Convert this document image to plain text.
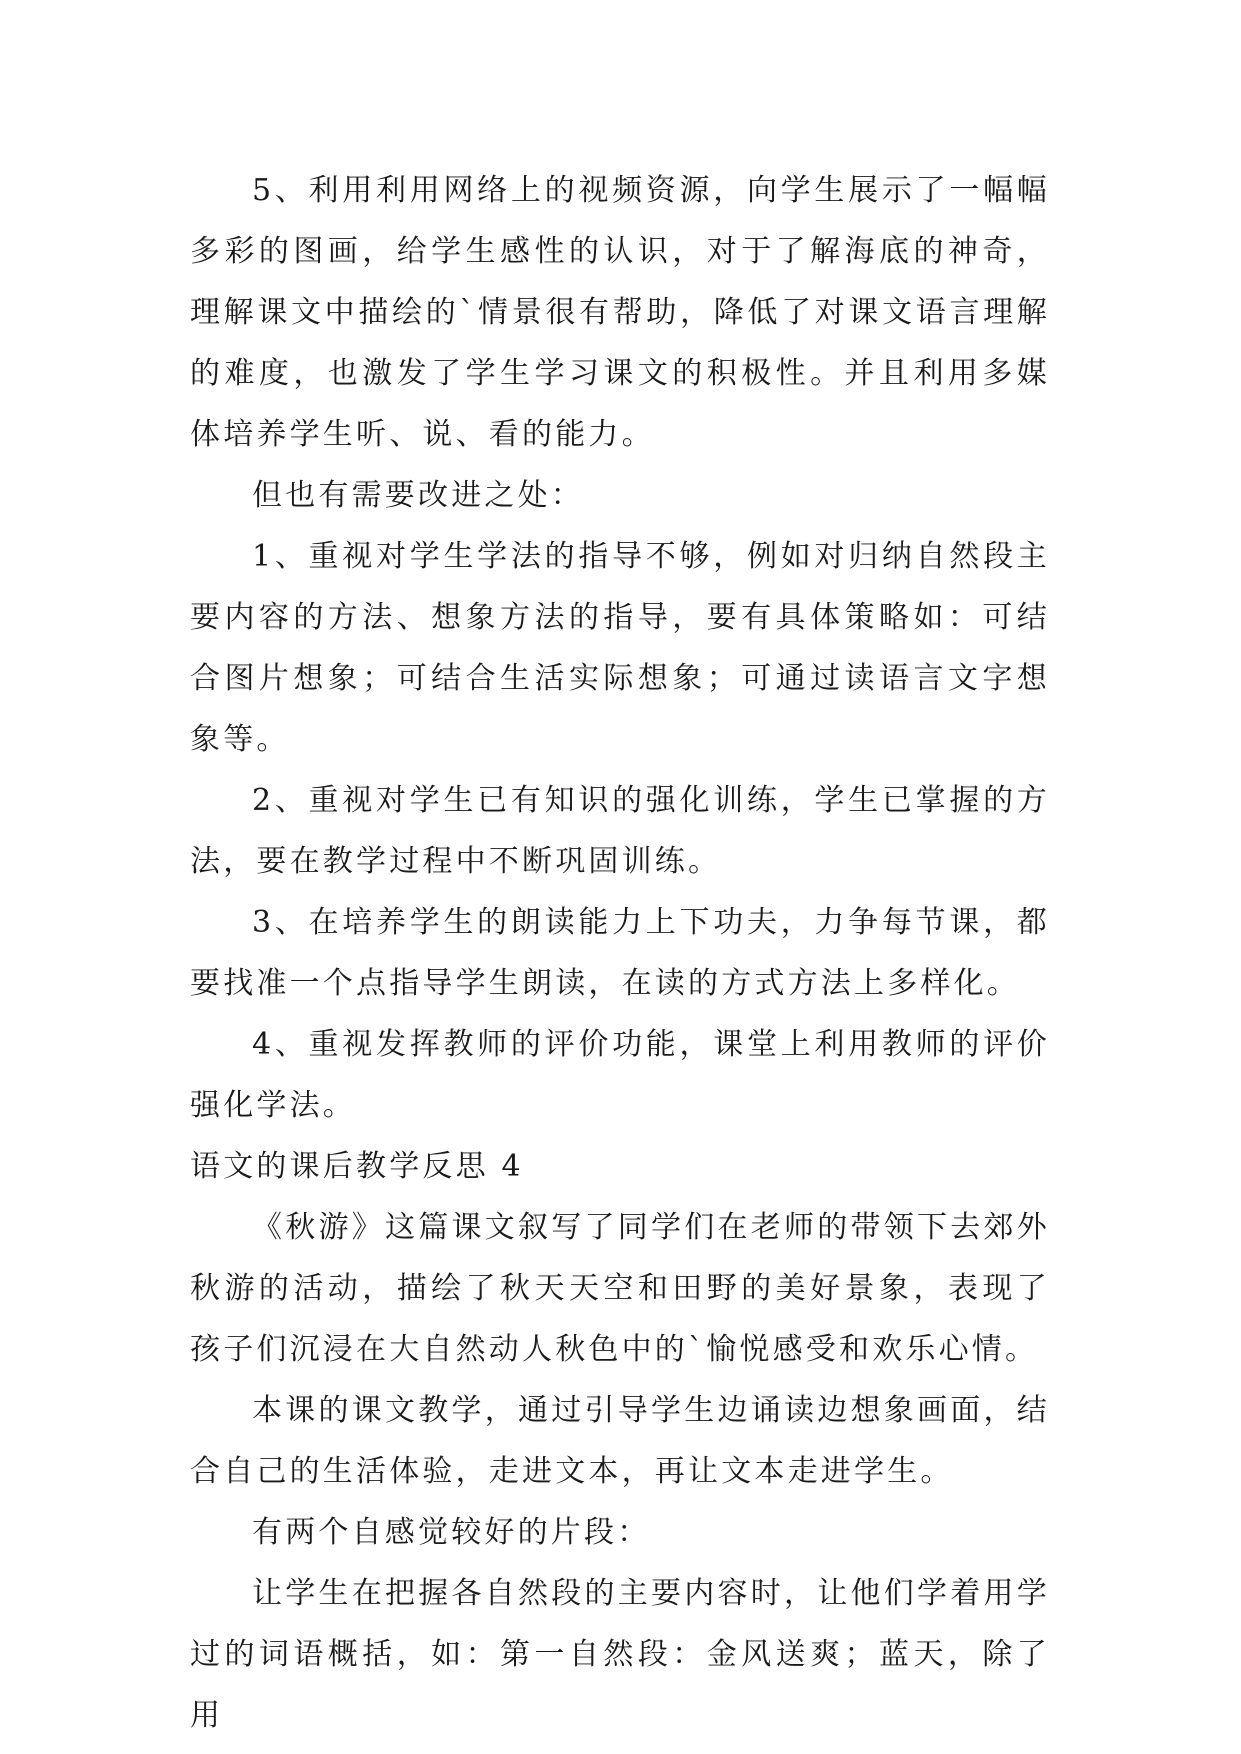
5、利用利用网络上的视频资源，向学生展示了一幅幅多彩的图画，给学生感性的认识，对于了解海底的神奇，理解课文中描绘的`情景很有帮助，降低了对课文语言理解的难度，也激发了学生学习课文的积极性。并且利用多媒体培养学生听、说、看的能力。

但也有需要改进之处：

1、重视对学生学法的指导不够，例如对归纳自然段主要内容的方法、想象方法的指导，要有具体策略如：可结合图片想象；可结合生活实际想象；可通过读语言文字想象等。

2、重视对学生已有知识的强化训练，学生已掌握的方法，要在教学过程中不断巩固训练。

3、在培养学生的朗读能力上下功夫，力争每节课，都要找准一个点指导学生朗读，在读的方式方法上多样化。

4、重视发挥教师的评价功能，课堂上利用教师的评价强化学法。

语文的课后教学反思 4

《秋游》这篇课文叙写了同学们在老师的带领下去郊外秋游的活动，描绘了秋天天空和田野的美好景象，表现了孩子们沉浸在大自然动人秋色中的`愉悦感受和欢乐心情。

本课的课文教学，通过引导学生边诵读边想象画面，结合自己的生活体验，走进文本，再让文本走进学生。

有两个自感觉较好的片段：

让学生在把握各自然段的主要内容时，让他们学着用学过的词语概括，如：第一自然段：金风送爽；蓝天，除了用
